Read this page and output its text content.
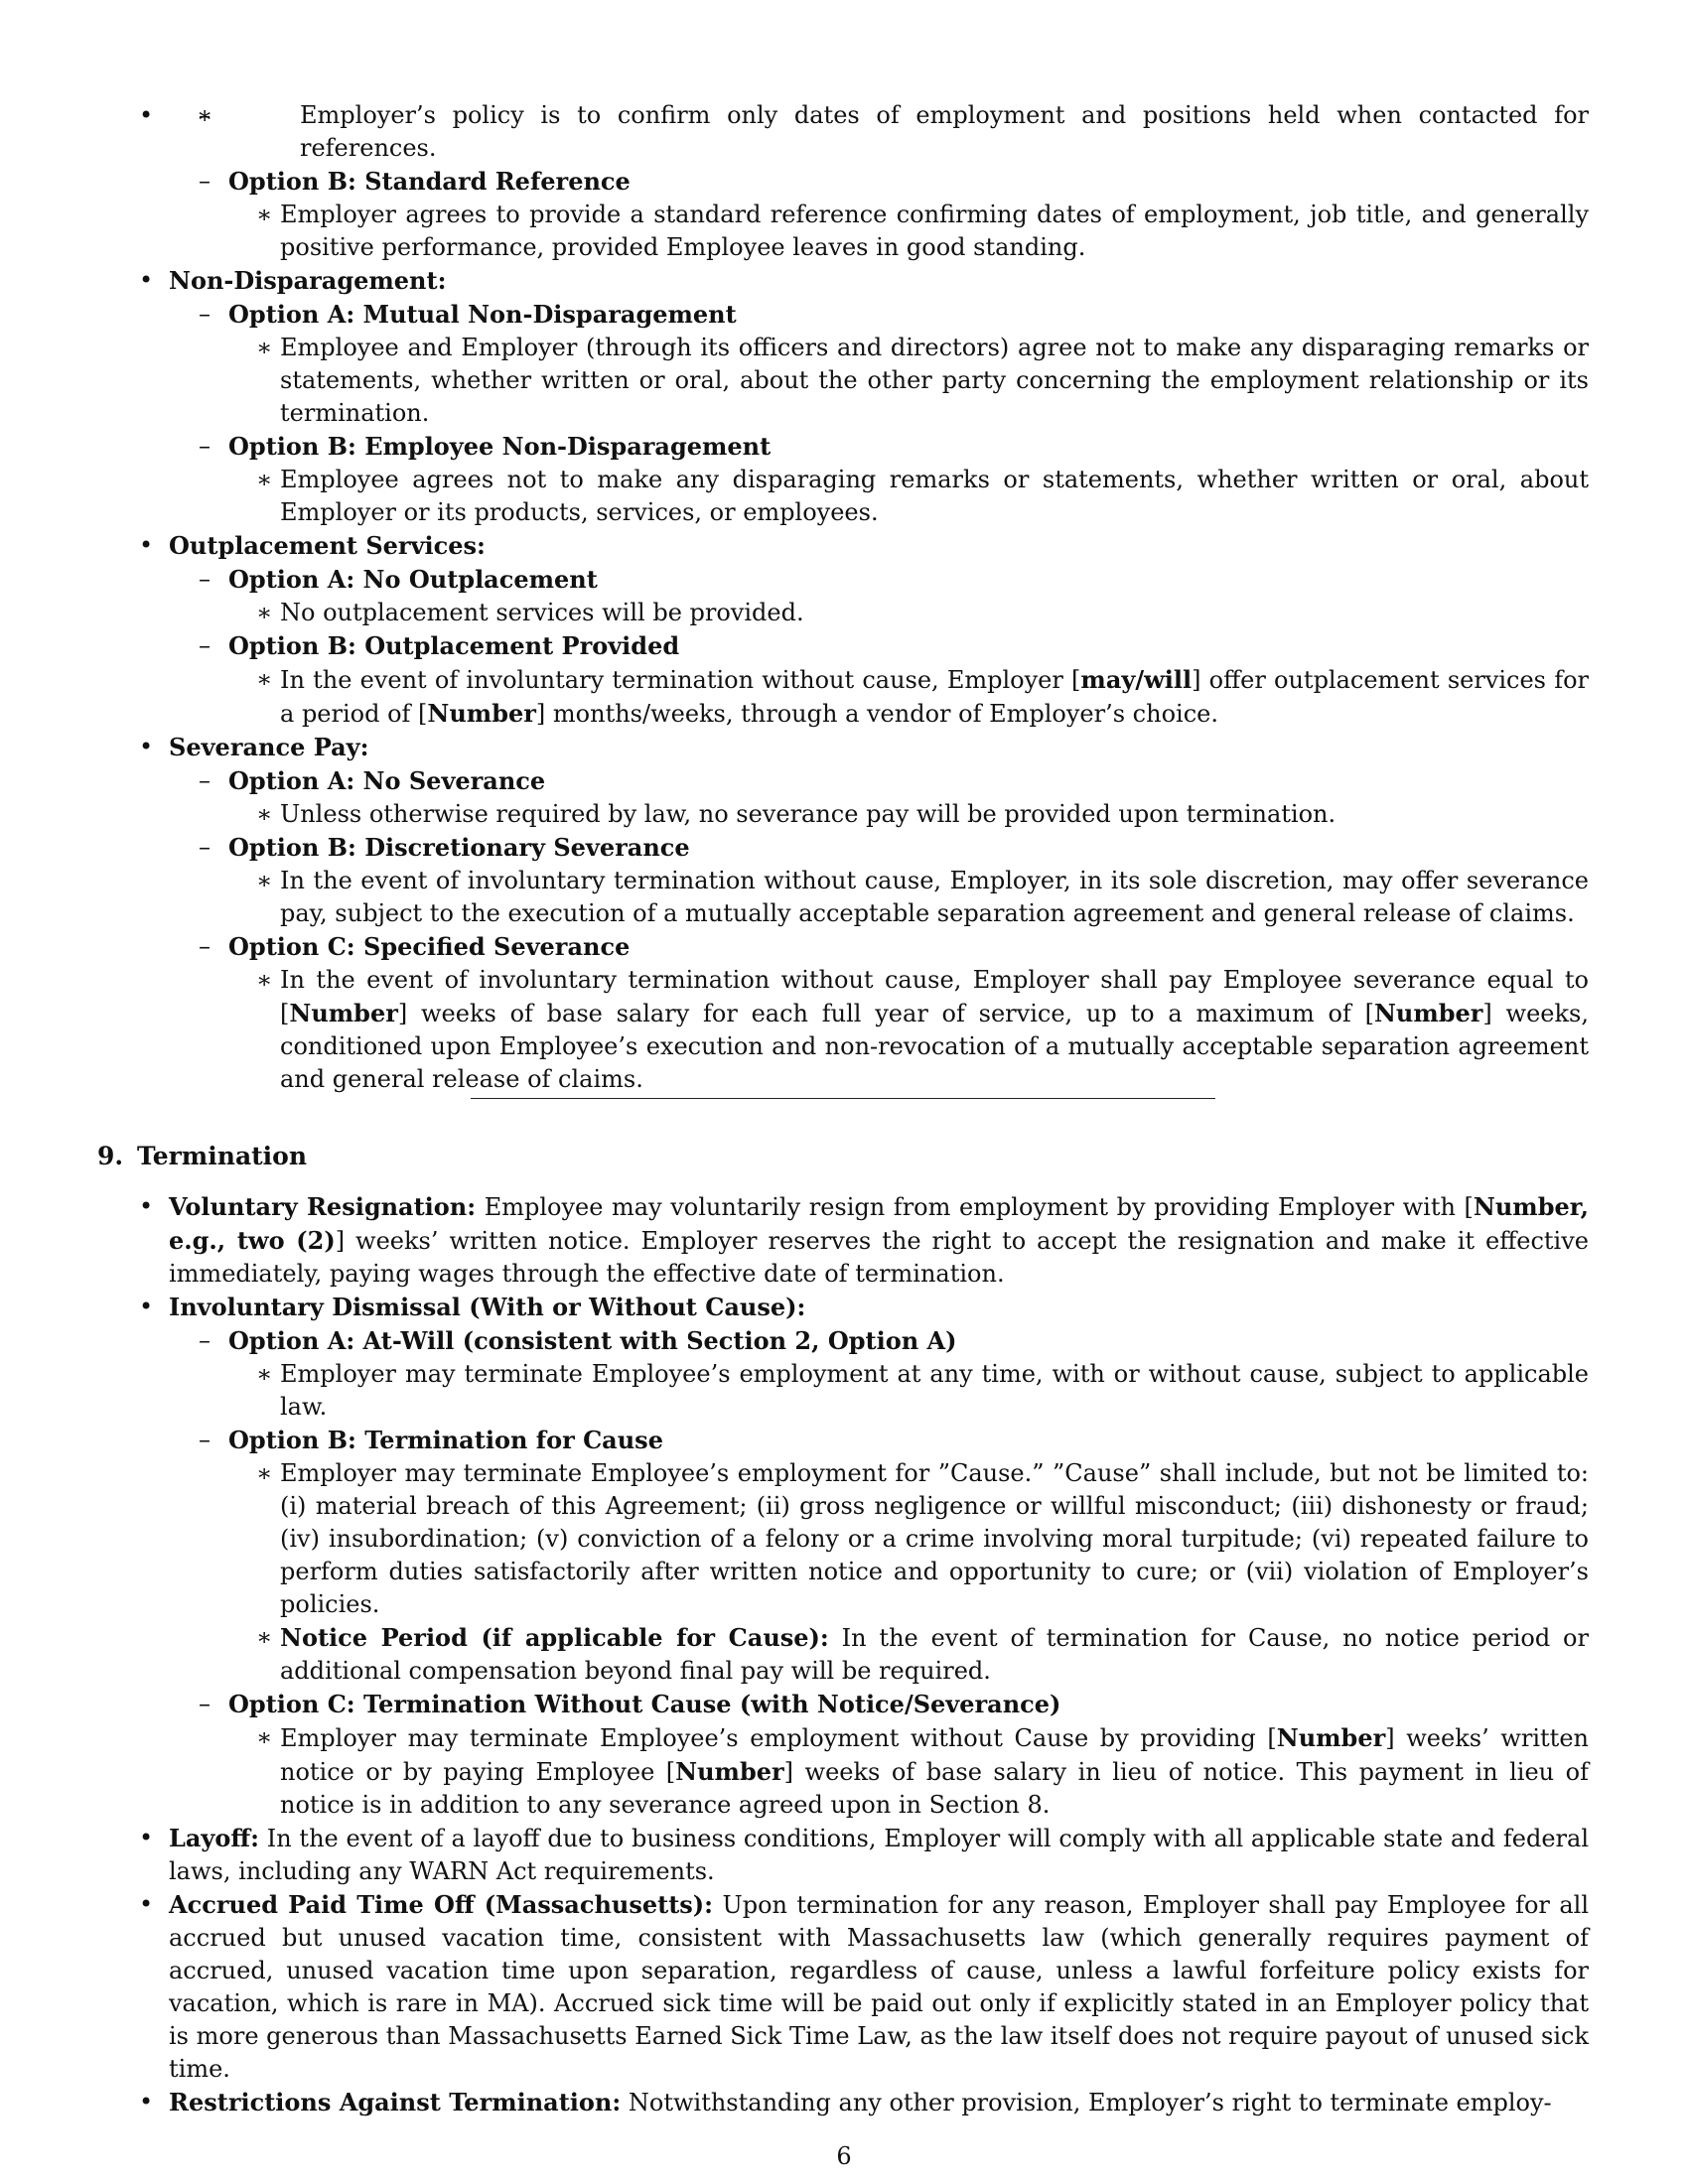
∗ – • Employer’s policy is to confirm only dates of employment and positions held when contacted for references.
– Option B: Standard Reference
∗ Employer agrees to provide a standard reference confirming dates of employment, job title, and generally positive performance, provided Employee leaves in good standing.
• Non-Disparagement:
– Option A: Mutual Non-Disparagement
∗ Employee and Employer (through its officers and directors) agree not to make any disparaging remarks or statements, whether written or oral, about the other party concerning the employment relationship or its termination.
– Option B: Employee Non-Disparagement
∗ Employee agrees not to make any disparaging remarks or statements, whether written or oral, about Employer or its products, services, or employees.
• Outplacement Services:
– Option A: No Outplacement
∗ No outplacement services will be provided.
– Option B: Outplacement Provided
∗ In the event of involuntary termination without cause, Employer [may/will] offer outplacement services for a period of [Number] months/weeks, through a vendor of Employer’s choice.
• Severance Pay:
– Option A: No Severance
∗ Unless otherwise required by law, no severance pay will be provided upon termination.
– Option B: Discretionary Severance
∗ In the event of involuntary termination without cause, Employer, in its sole discretion, may offer severance pay, subject to the execution of a mutually acceptable separation agreement and general release of claims.
– Option C: Specified Severance
∗ In the event of involuntary termination without cause, Employer shall pay Employee severance equal to [Number] weeks of base salary for each full year of service, up to a maximum of [Number] weeks, conditioned upon Employee’s execution and non-revocation of a mutually acceptable separation agreement and general release of claims.
9. Termination
• Voluntary Resignation: Employee may voluntarily resign from employment by providing Employer with [Number, e.g., two (2)] weeks’ written notice. Employer reserves the right to accept the resignation and make it effective immediately, paying wages through the effective date of termination.
• Involuntary Dismissal (With or Without Cause):
– Option A: At-Will (consistent with Section 2, Option A)
∗ Employer may terminate Employee’s employment at any time, with or without cause, subject to applicable law.
– Option B: Termination for Cause
∗ Employer may terminate Employee’s employment for ”Cause.” ”Cause” shall include, but not be limited to: (i) material breach of this Agreement; (ii) gross negligence or willful misconduct; (iii) dishonesty or fraud; (iv) insubordination; (v) conviction of a felony or a crime involving moral turpitude; (vi) repeated failure to perform duties satisfactorily after written notice and opportunity to cure; or (vii) violation of Employer’s policies.
∗ Notice Period (if applicable for Cause): In the event of termination for Cause, no notice period or additional compensation beyond final pay will be required.
– Option C: Termination Without Cause (with Notice/Severance)
∗ Employer may terminate Employee’s employment without Cause by providing [Number] weeks’ written notice or by paying Employee [Number] weeks of base salary in lieu of notice. This payment in lieu of notice is in addition to any severance agreed upon in Section 8.
• Layoff: In the event of a layoff due to business conditions, Employer will comply with all applicable state and federal laws, including any WARN Act requirements.
• Accrued Paid Time Off (Massachusetts): Upon termination for any reason, Employer shall pay Employee for all accrued but unused vacation time, consistent with Massachusetts law (which generally requires payment of accrued, unused vacation time upon separation, regardless of cause, unless a lawful forfeiture policy exists for vacation, which is rare in MA). Accrued sick time will be paid out only if explicitly stated in an Employer policy that is more generous than Massachusetts Earned Sick Time Law, as the law itself does not require payout of unused sick time.
• Restrictions Against Termination: Notwithstanding any other provision, Employer’s right to terminate employ-
6
